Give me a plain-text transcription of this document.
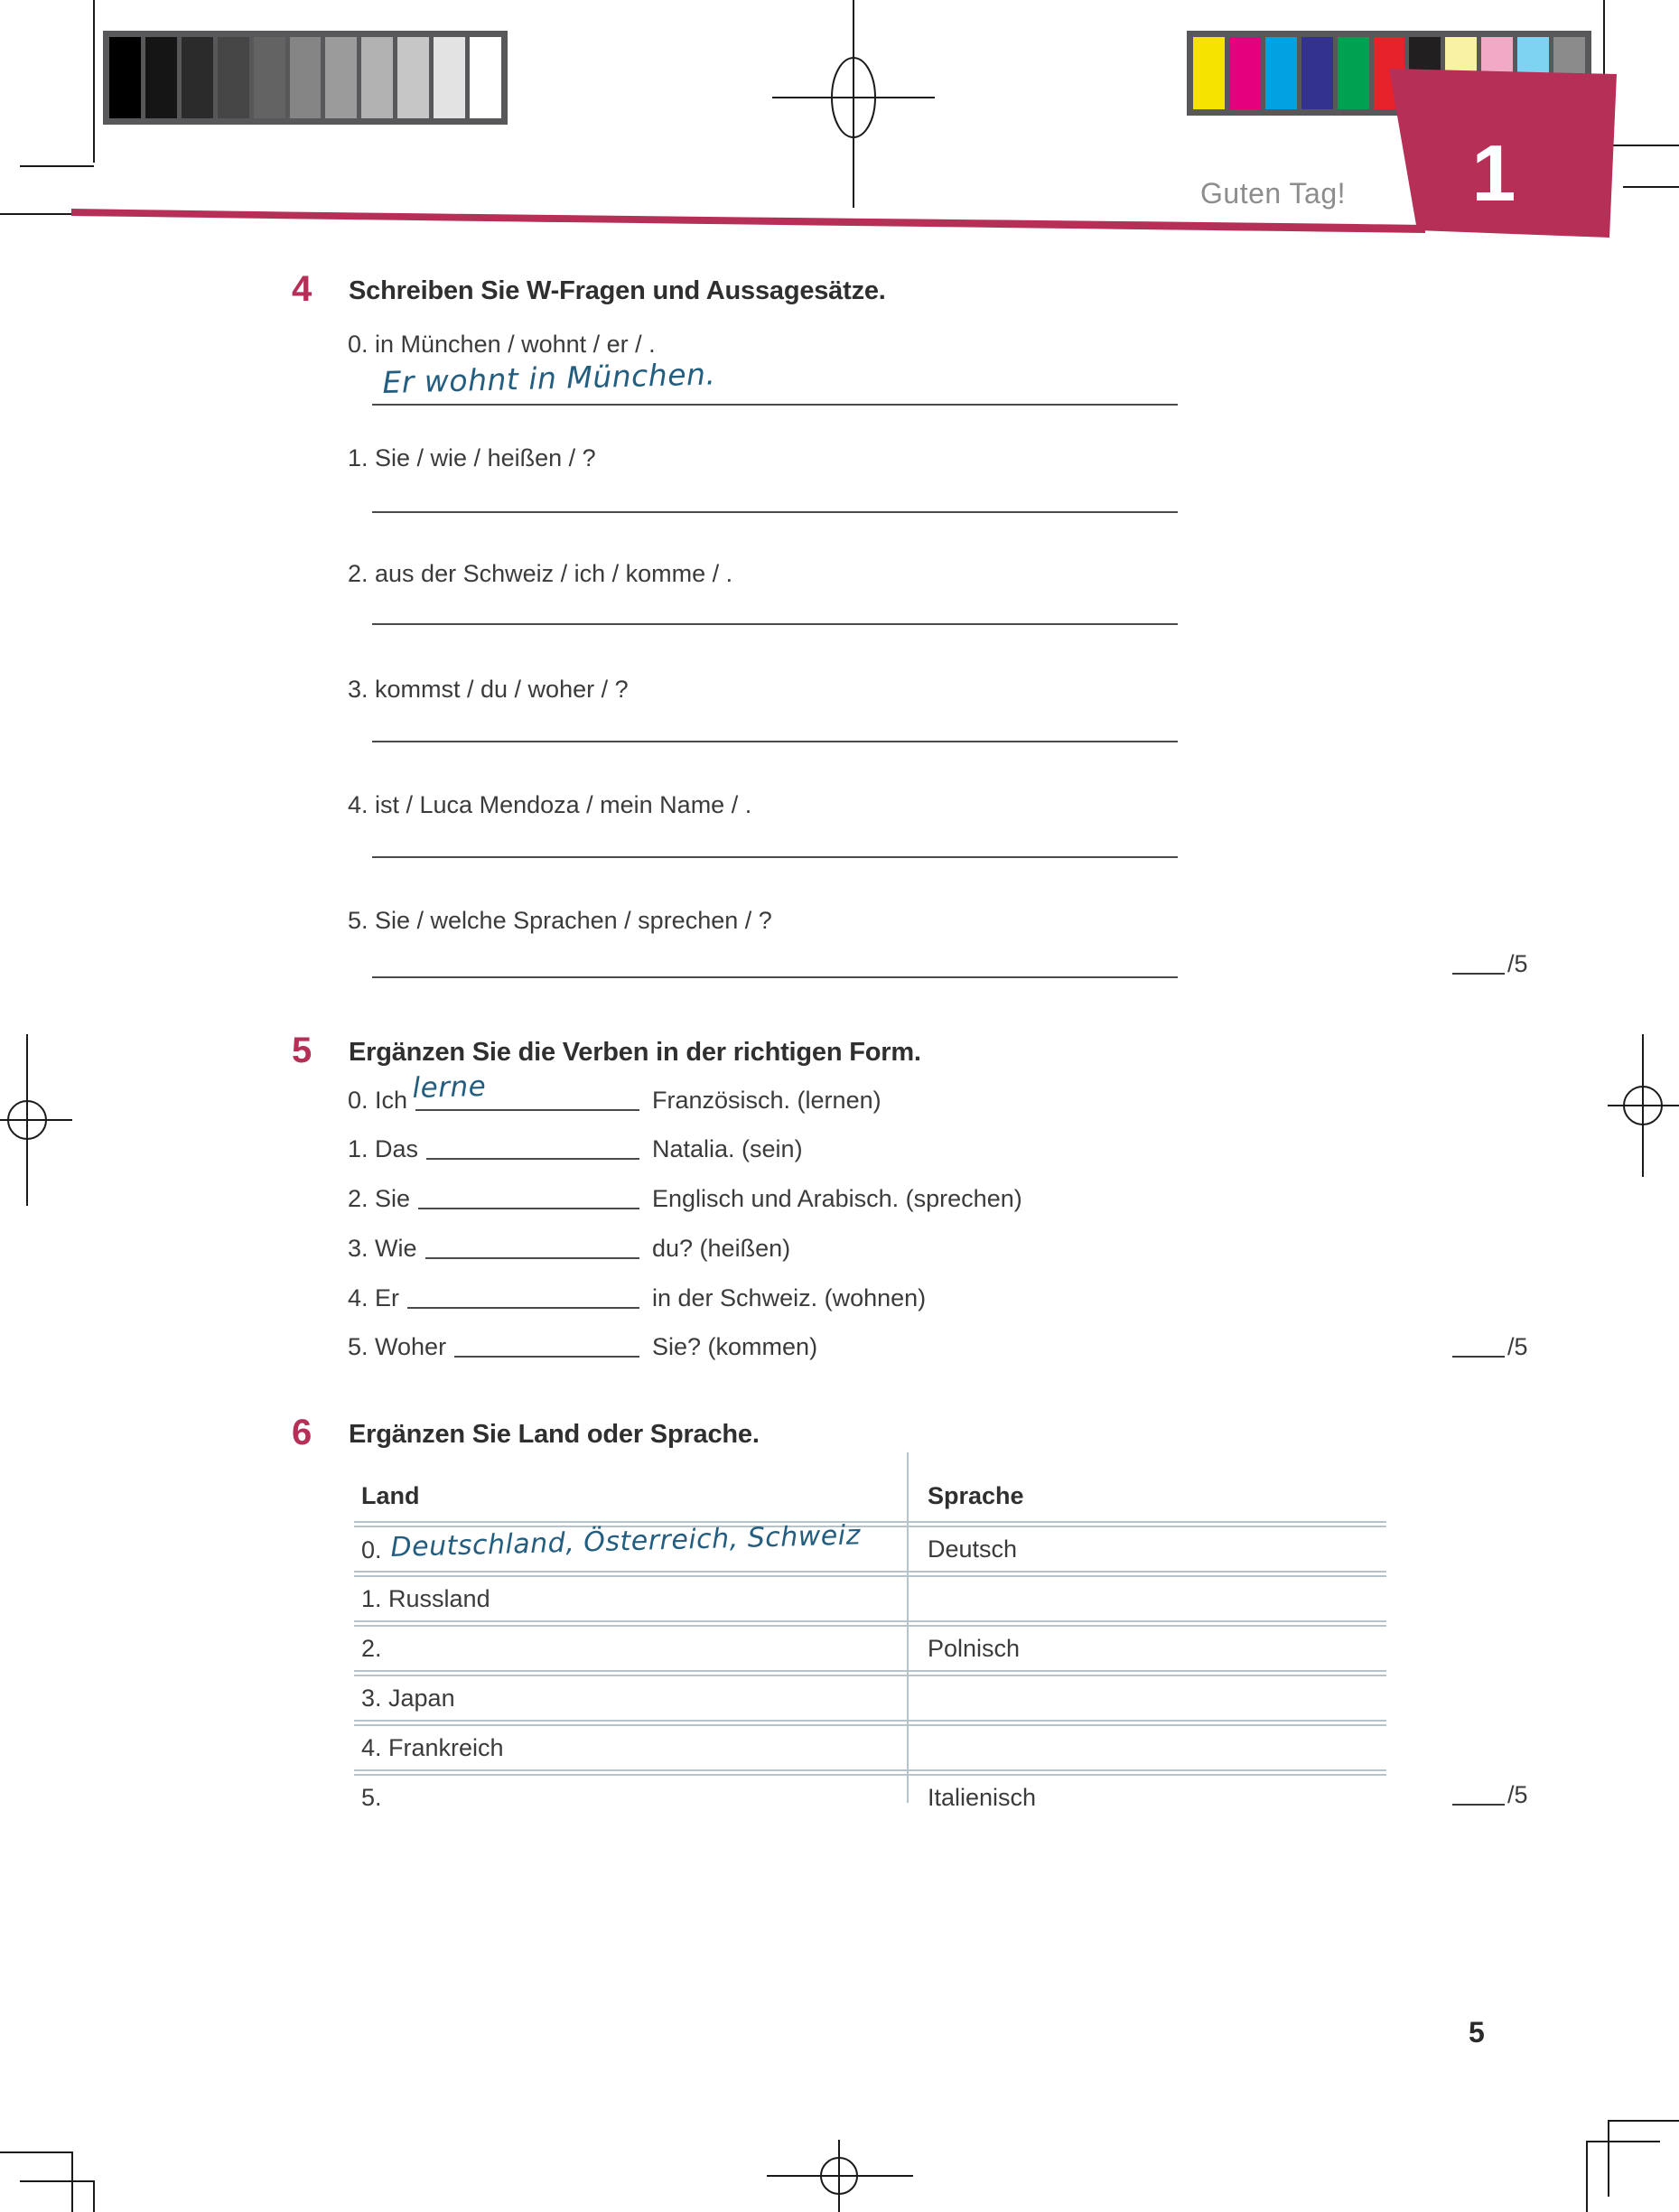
Guten Tag!	1
4 Schreiben Sie W-Fragen und Aussagesätze.
0. in München / wohnt / er / .
Er wohnt in München.
1. Sie / wie / heißen / ?
2. aus der Schweiz / ich / komme / .
3. kommst / du / woher / ?
4. ist / Luca Mendoza / mein Name / .
5. Sie / welche Sprachen / sprechen / ?
/5
5 Ergänzen Sie die Verben in der richtigen Form.
0. Ich lerne	Französisch. (lernen)
1. Das	Natalia. (sein)
2. Sie	Englisch und Arabisch. (sprechen)
3. Wie	du? (heißen)
4. Er	in der Schweiz. (wohnen)
5. Woher	Sie? (kommen)	/5
6 Ergänzen Sie Land oder Sprache.
Land	Sprache
0. Deutschland, Österreich, Schweiz	Deutsch
1. Russland
2.	Polnisch
3. Japan
4. Frankreich
5.	Italienisch	/5
5
